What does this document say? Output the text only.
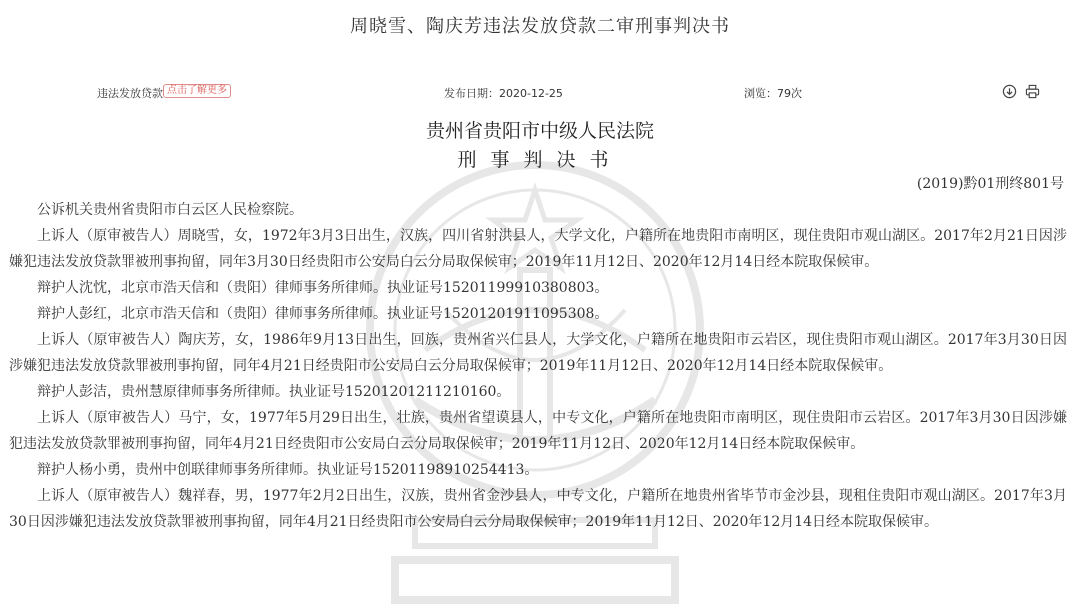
周晓雪、陶庆芳违法发放贷款二审刑事判决书
违法发放贷款 点击了解更多	发布日期：2020-12-25	浏览：79次
贵州省贵阳市中级人民法院
刑事判决书
(2019)黔01刑终801号

公诉机关贵州省贵阳市白云区人民检察院。

上诉人（原审被告人）周晓雪，女，1972年3月3日出生，汉族，四川省射洪县人，大学文化，户籍所在地贵阳市南明区，现住贵阳市观山湖区。2017年2月21日因涉嫌犯违法发放贷款罪被刑事拘留，同年3月30日经贵阳市公安局白云分局取保候审；2019年11月12日、2020年12月14日经本院取保候审。

辩护人沈忱，北京市浩天信和（贵阳）律师事务所律师。执业证号15201199910380803。

辩护人彭红，北京市浩天信和（贵阳）律师事务所律师。执业证号15201201911095308。

上诉人（原审被告人）陶庆芳，女，1986年9月13日出生，回族，贵州省兴仁县人，大学文化，户籍所在地贵阳市云岩区，现住贵阳市观山湖区。2017年3月30日因涉嫌犯违法发放贷款罪被刑事拘留，同年4月21日经贵阳市公安局白云分局取保候审；2019年11月12日、2020年12月14日经本院取保候审。

辩护人彭洁，贵州慧原律师事务所律师。执业证号15201201211210160。

上诉人（原审被告人）马宁，女，1977年5月29日出生，壮族，贵州省望谟县人，中专文化，户籍所在地贵阳市南明区，现住贵阳市云岩区。2017年3月30日因涉嫌犯违法发放贷款罪被刑事拘留，同年4月21日经贵阳市公安局白云分局取保候审；2019年11月12日、2020年12月14日经本院取保候审。

辩护人杨小勇，贵州中创联律师事务所律师。执业证号15201198910254413。

上诉人（原审被告人）魏祥春，男，1977年2月2日出生，汉族，贵州省金沙县人，中专文化，户籍所在地贵州省毕节市金沙县，现租住贵阳市观山湖区。2017年3月30日因涉嫌犯违法发放贷款罪被刑事拘留，同年4月21日经贵阳市公安局白云分局取保候审；2019年11月12日、2020年12月14日经本院取保候审。
